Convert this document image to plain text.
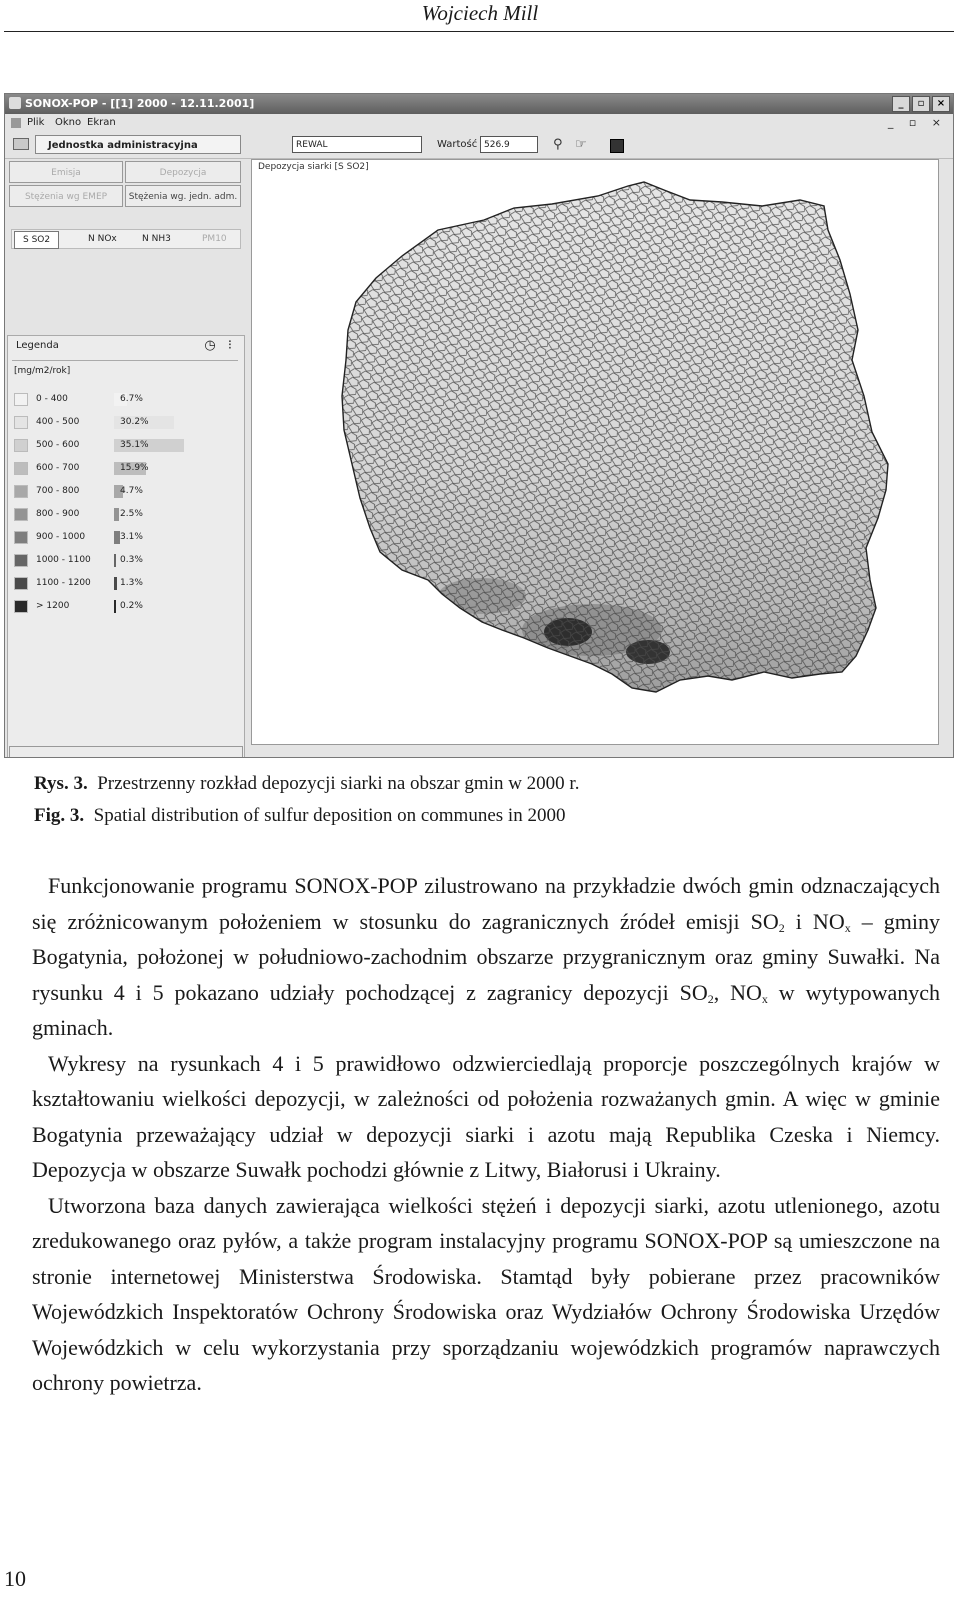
Wojciech Mill
SONOX-POP - [[1] 2000 - 12.11.2001]	_	▫	×
Plik Okno Ekran	_ ▫ ×
Jednostka administracyjna	REWAL	Wartość 526.9	⚲ ☞
Emisja	Depozycja
Stężenia wg EMEP	Stężenia wg. jedn. adm.
S SO2	N NOx	N NH3	PM10
Legenda	◷ ⁝
[mg/m2/rok]
0 - 400	6.7%
400 - 500	30.2%
500 - 600	35.1%
600 - 700	15.9%
700 - 800	4.7%
800 - 900	2.5%
900 - 1000	3.1%
1000 - 1100	0.3%
1100 - 1200	1.3%
> 1200	0.2%
Depozycja siarki [S SO2]
Rys. 3. Przestrzenny rozkład depozycji siarki na obszar gmin w 2000 r.
Fig. 3. Spatial distribution of sulfur deposition on communes in 2000

Funkcjonowanie programu SONOX-POP zilustrowano na przykładzie dwóch gmin odznaczających się zróżnicowanym położeniem w stosunku do zagranicznych źródeł emisji $SO_2$ i $NO_x$ – gminy Bogatynia, położonej w południowo-zachodnim obszarze przygranicznym oraz gminy Suwałki. Na rysunku 4 i 5 pokazano udziały pochodzącej z zagranicy depozycji $SO_2$, $NO_x$ w wytypowanych gminach.

Wykresy na rysunkach 4 i 5 prawidłowo odzwierciedlają proporcje poszczególnych krajów w kształtowaniu wielkości depozycji, w zależności od położenia rozważanych gmin. A więc w gminie Bogatynia przeważający udział w depozycji siarki i azotu mają Republika Czeska i Niemcy. Depozycja w obszarze Suwałk pochodzi głównie z Litwy, Białorusi i Ukrainy.

Utworzona baza danych zawierająca wielkości stężeń i depozycji siarki, azotu utlenionego, azotu zredukowanego oraz pyłów, a także program instalacyjny programu SONOX-POP są umieszczone na stronie internetowej Ministerstwa Środowiska. Stamtąd były pobierane przez pracowników Wojewódzkich Inspektoratów Ochrony Środowiska oraz Wydziałów Ochrony Środowiska Urzędów Wojewódzkich w celu wykorzystania przy sporządzaniu wojewódzkich programów naprawczych ochrony powietrza.

10
